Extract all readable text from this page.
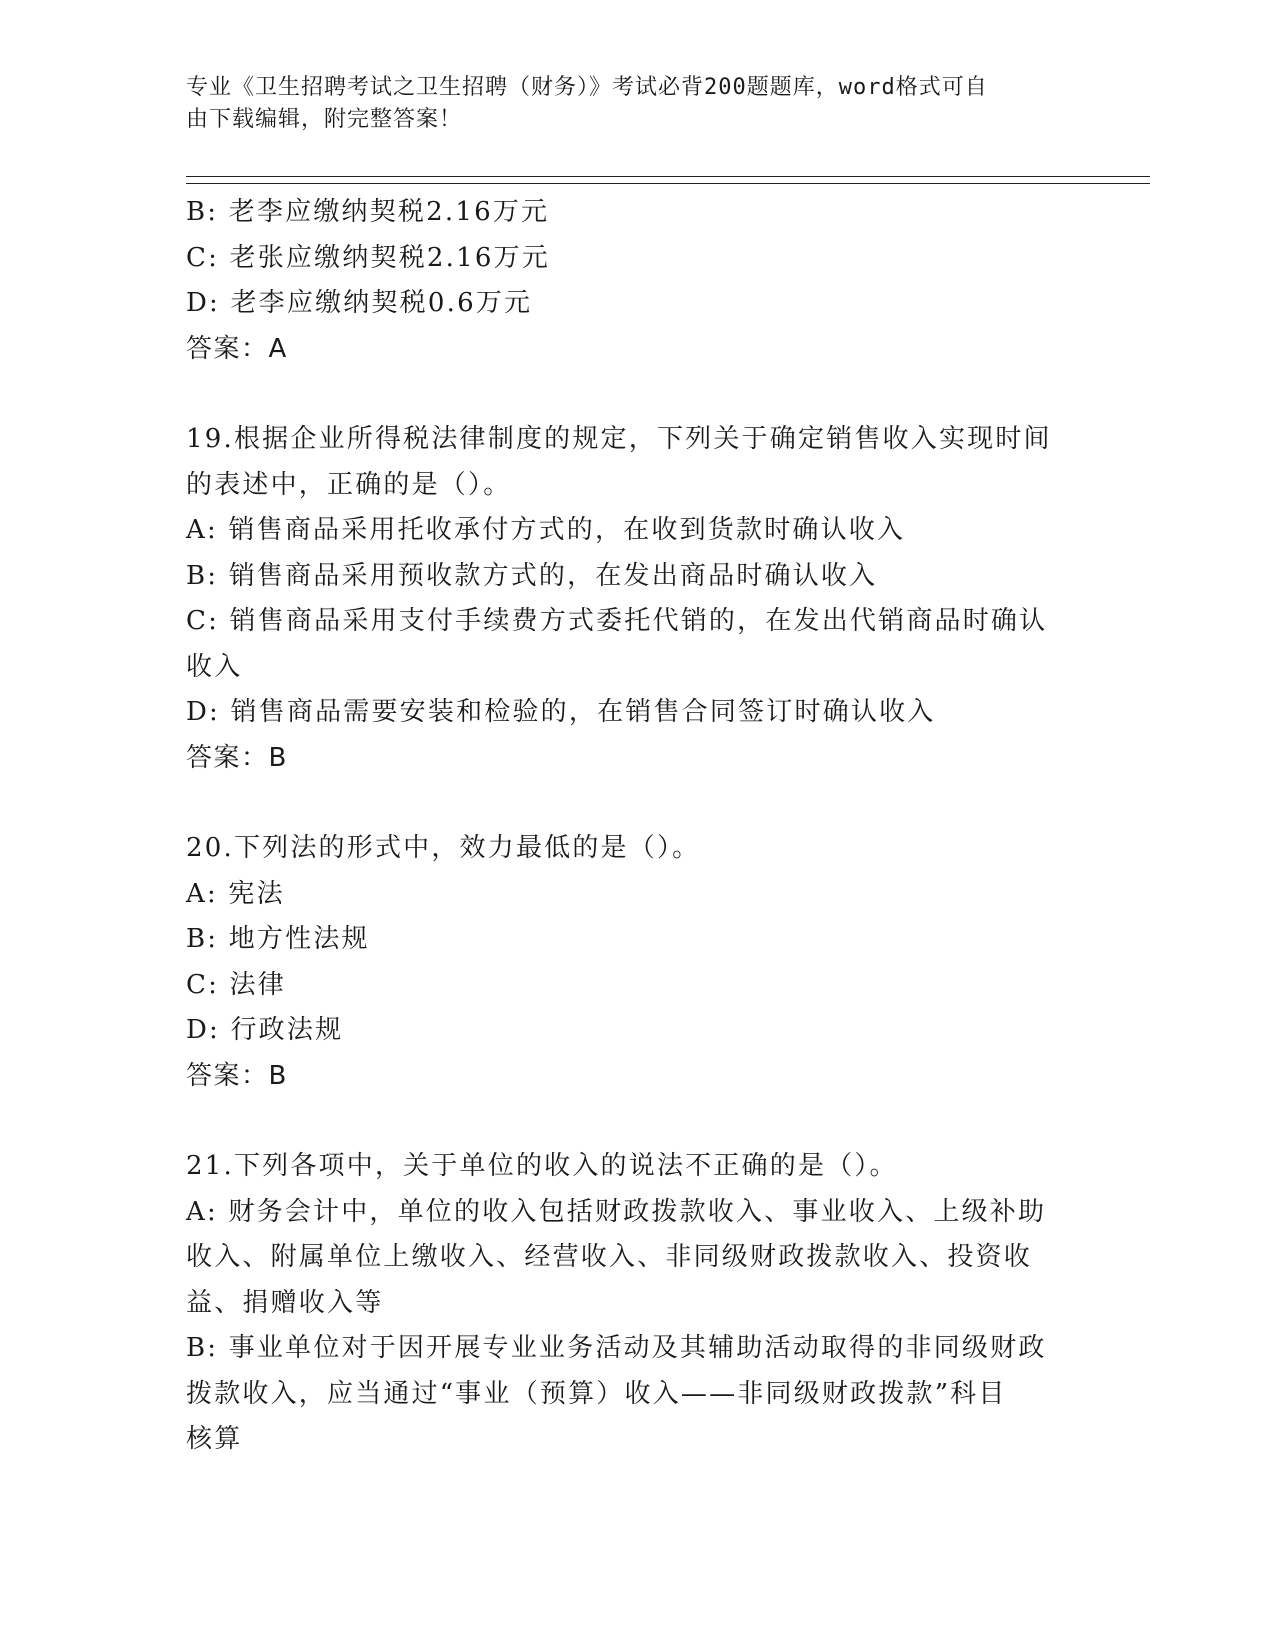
专业《卫生招聘考试之卫生招聘（财务）》考试必背200题题库，word格式可自
由下载编辑，附完整答案！
B: 老李应缴纳契税2.16万元
C: 老张应缴纳契税2.16万元
D: 老李应缴纳契税0.6万元
答案：A
19.根据企业所得税法律制度的规定，下列关于确定销售收入实现时间
的表述中，正确的是（）。
A: 销售商品采用托收承付方式的，在收到货款时确认收入
B: 销售商品采用预收款方式的，在发出商品时确认收入
C: 销售商品采用支付手续费方式委托代销的，在发出代销商品时确认
收入
D: 销售商品需要安装和检验的，在销售合同签订时确认收入
答案：B
20.下列法的形式中，效力最低的是（）。
A: 宪法
B: 地方性法规
C: 法律
D: 行政法规
答案：B
21.下列各项中，关于单位的收入的说法不正确的是（）。
A: 财务会计中，单位的收入包括财政拨款收入、事业收入、上级补助
收入、附属单位上缴收入、经营收入、非同级财政拨款收入、投资收
益、捐赠收入等
B: 事业单位对于因开展专业业务活动及其辅助活动取得的非同级财政
拨款收入，应当通过“事业（预算）收入——非同级财政拨款”科目
核算
